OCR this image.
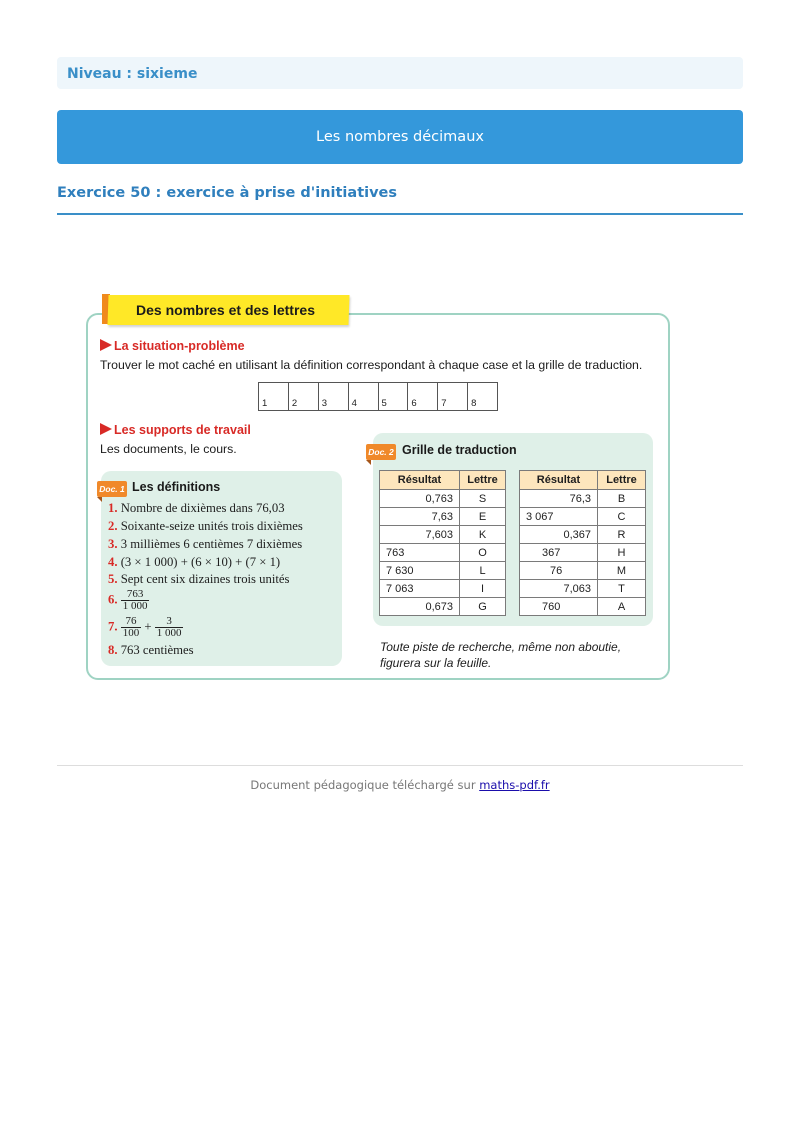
Niveau : sixieme
Les nombres décimaux
Exercice 50 : exercice à prise d'initiatives
Des nombres et des lettres
La situation-problème
Trouver le mot caché en utilisant la définition correspondant à chaque case et la grille de traduction.
1	2	3	4	5	6	7	8
Les supports de travail
Les documents, le cours.
Doc. 1 Les définitions
1. Nombre de dixièmes dans 76,03
2. Soixante-seize unités trois dixièmes
3. 3 millièmes 6 centièmes 7 dixièmes
4. (3 × 1 000) + (6 × 10) + (7 × 1)
5. Sept cent six dizaines trois unités
6. $\frac{763}{1 000}$
7. $\frac{76}{100} + \frac{3}{1 000}$
8. 763 centièmes
Doc. 2 Grille de traduction
Résultat	Lettre
0,763	S
7,63	E
7,603	K
763	O
7 630	L
7 063	I
0,673	G
Résultat	Lettre
76,3	B
3 067	C
0,367	R
367	H
76	M
7,063	T
760	A
Toute piste de recherche, même non aboutie,
figurera sur la feuille.
Document pédagogique téléchargé sur maths-pdf.fr
